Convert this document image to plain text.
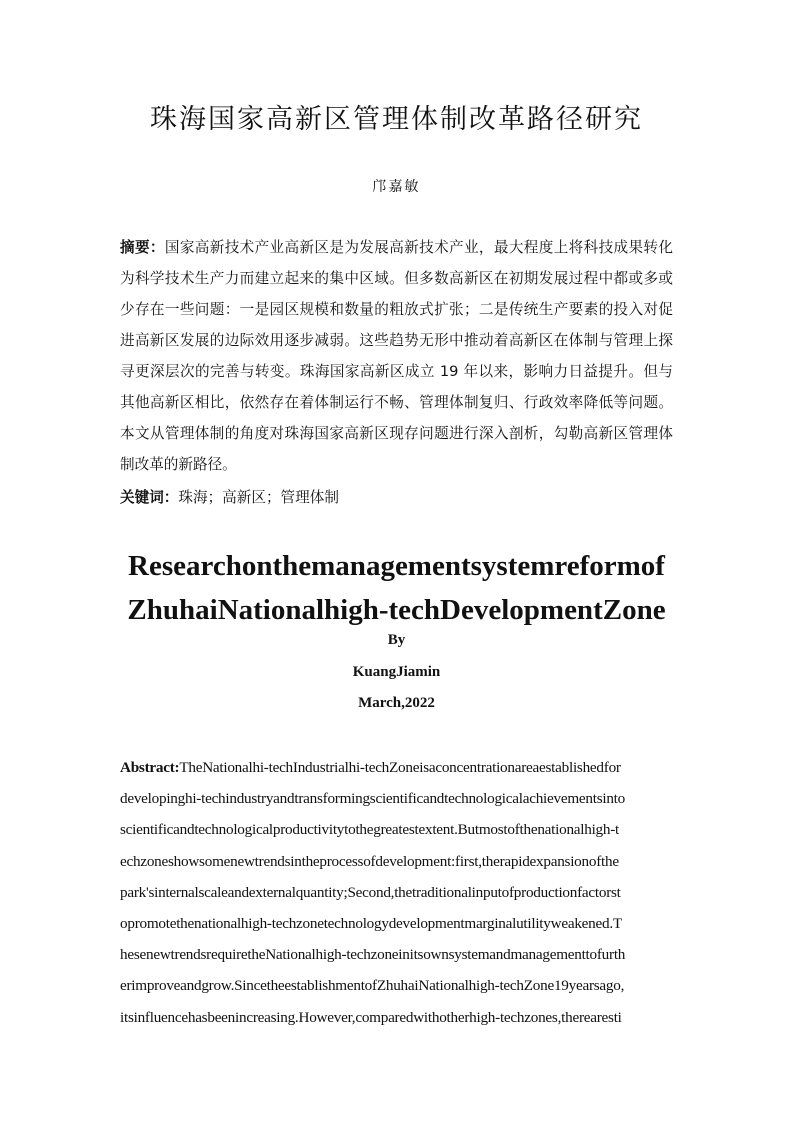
珠海国家高新区管理体制改革路径研究
邝嘉敏
摘要：国家高新技术产业高新区是为发展高新技术产业，最大程度上将科技成果转化为科学技术生产力而建立起来的集中区域。但多数高新区在初期发展过程中都或多或少存在一些问题：一是园区规模和数量的粗放式扩张；二是传统生产要素的投入对促进高新区发展的边际效用逐步减弱。这些趋势无形中推动着高新区在体制与管理上探寻更深层次的完善与转变。珠海国家高新区成立 19 年以来，影响力日益提升。但与其他高新区相比，依然存在着体制运行不畅、管理体制复归、行政效率降低等问题。本文从管理体制的角度对珠海国家高新区现存问题进行深入剖析，勾勒高新区管理体制改革的新路径。
关键词：珠海；高新区；管理体制
Researchonthemanagementsystemreformof
ZhuhaiNationalhigh-techDevelopmentZone
By
KuangJiamin
March,2022
Abstract:TheNationalhi-techIndustrialhi-techZoneisaconcentrationareaestablishedfor
developinghi-techindustryandtransformingscientificandtechnologicalachievementsinto
scientificandtechnologicalproductivitytothegreatestextent.Butmostofthenationalhigh-t
echzoneshowsomenewtrendsintheprocessofdevelopment:first,therapidexpansionofthe
park'sinternalscaleandexternalquantity;Second,thetraditionalinputofproductionfactorst
opromotethenationalhigh-techzonetechnologydevelopmentmarginalutilityweakened.T
hesenewtrendsrequiretheNationalhigh-techzoneinitsownsystemandmanagementtofurth
erimproveandgrow.SincetheestablishmentofZhuhaiNationalhigh-techZone19yearsago,
itsinfluencehasbeenincreasing.However,comparedwithotherhigh-techzones,therearesti
